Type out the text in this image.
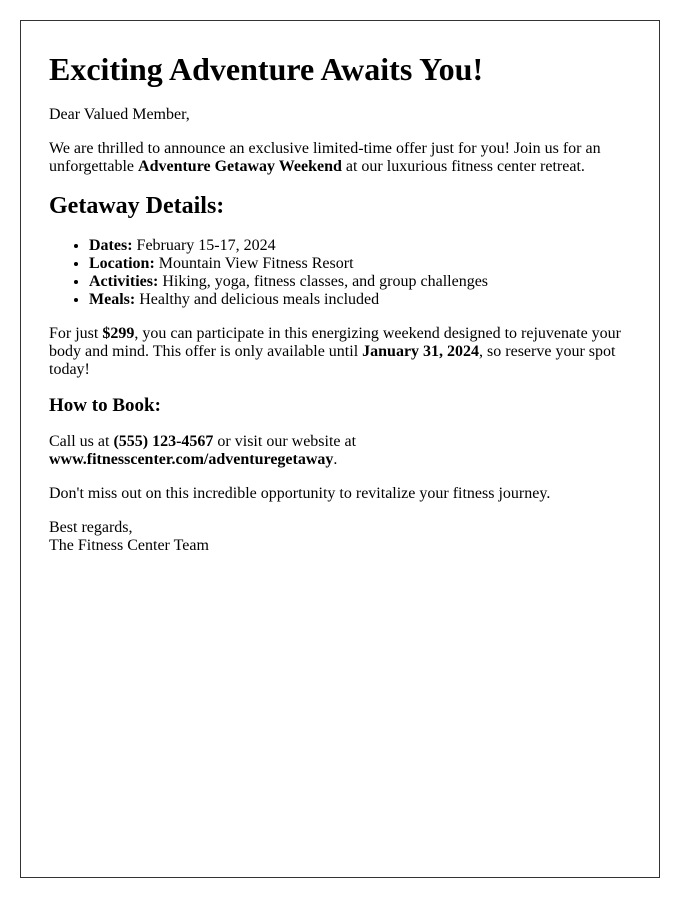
Exciting Adventure Awaits You!

Dear Valued Member,

We are thrilled to announce an exclusive limited-time offer just for you! Join us for an unforgettable Adventure Getaway Weekend at our luxurious fitness center retreat.

Getaway Details:
• Dates: February 15-17, 2024
• Location: Mountain View Fitness Resort
• Activities: Hiking, yoga, fitness classes, and group challenges
• Meals: Healthy and delicious meals included

For just $299, you can participate in this energizing weekend designed to rejuvenate your body and mind. This offer is only available until January 31, 2024, so reserve your spot today!

How to Book:

Call us at (555) 123-4567 or visit our website at
www.fitnesscenter.com/adventuregetaway.

Don't miss out on this incredible opportunity to revitalize your fitness journey.

Best regards,
The Fitness Center Team
